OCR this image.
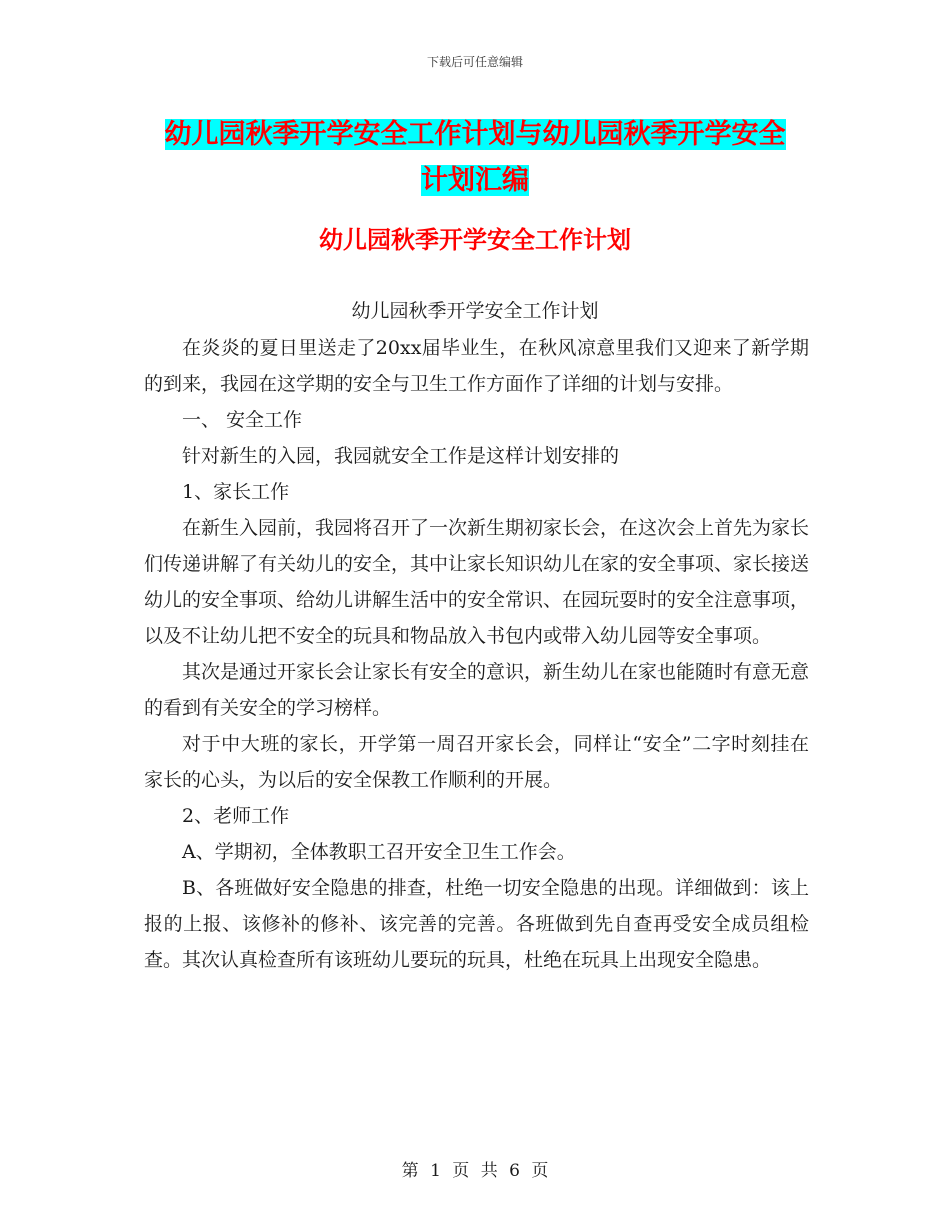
下载后可任意编辑
幼儿园秋季开学安全工作计划与幼儿园秋季开学安全
计划汇编
幼儿园秋季开学安全工作计划
幼儿园秋季开学安全工作计划

在炎炎的夏日里送走了20xx届毕业生，在秋风凉意里我们又迎来了新学期的到来，我园在这学期的安全与卫生工作方面作了详细的计划与安排。

一、 安全工作

针对新生的入园，我园就安全工作是这样计划安排的

1、家长工作

在新生入园前，我园将召开了一次新生期初家长会，在这次会上首先为家长们传递讲解了有关幼儿的安全，其中让家长知识幼儿在家的安全事项、家长接送幼儿的安全事项、给幼儿讲解生活中的安全常识、在园玩耍时的安全注意事项，以及不让幼儿把不安全的玩具和物品放入书包内或带入幼儿园等安全事项。

其次是通过开家长会让家长有安全的意识，新生幼儿在家也能随时有意无意的看到有关安全的学习榜样。

对于中大班的家长，开学第一周召开家长会，同样让“安全”二字时刻挂在家长的心头，为以后的安全保教工作顺利的开展。

2、老师工作

A、学期初，全体教职工召开安全卫生工作会。

B、各班做好安全隐患的排查，杜绝一切安全隐患的出现。详细做到：该上报的上报、该修补的修补、该完善的完善。各班做到先自查再受安全成员组检查。其次认真检查所有该班幼儿要玩的玩具，杜绝在玩具上出现安全隐患。

第 1 页 共 6 页
